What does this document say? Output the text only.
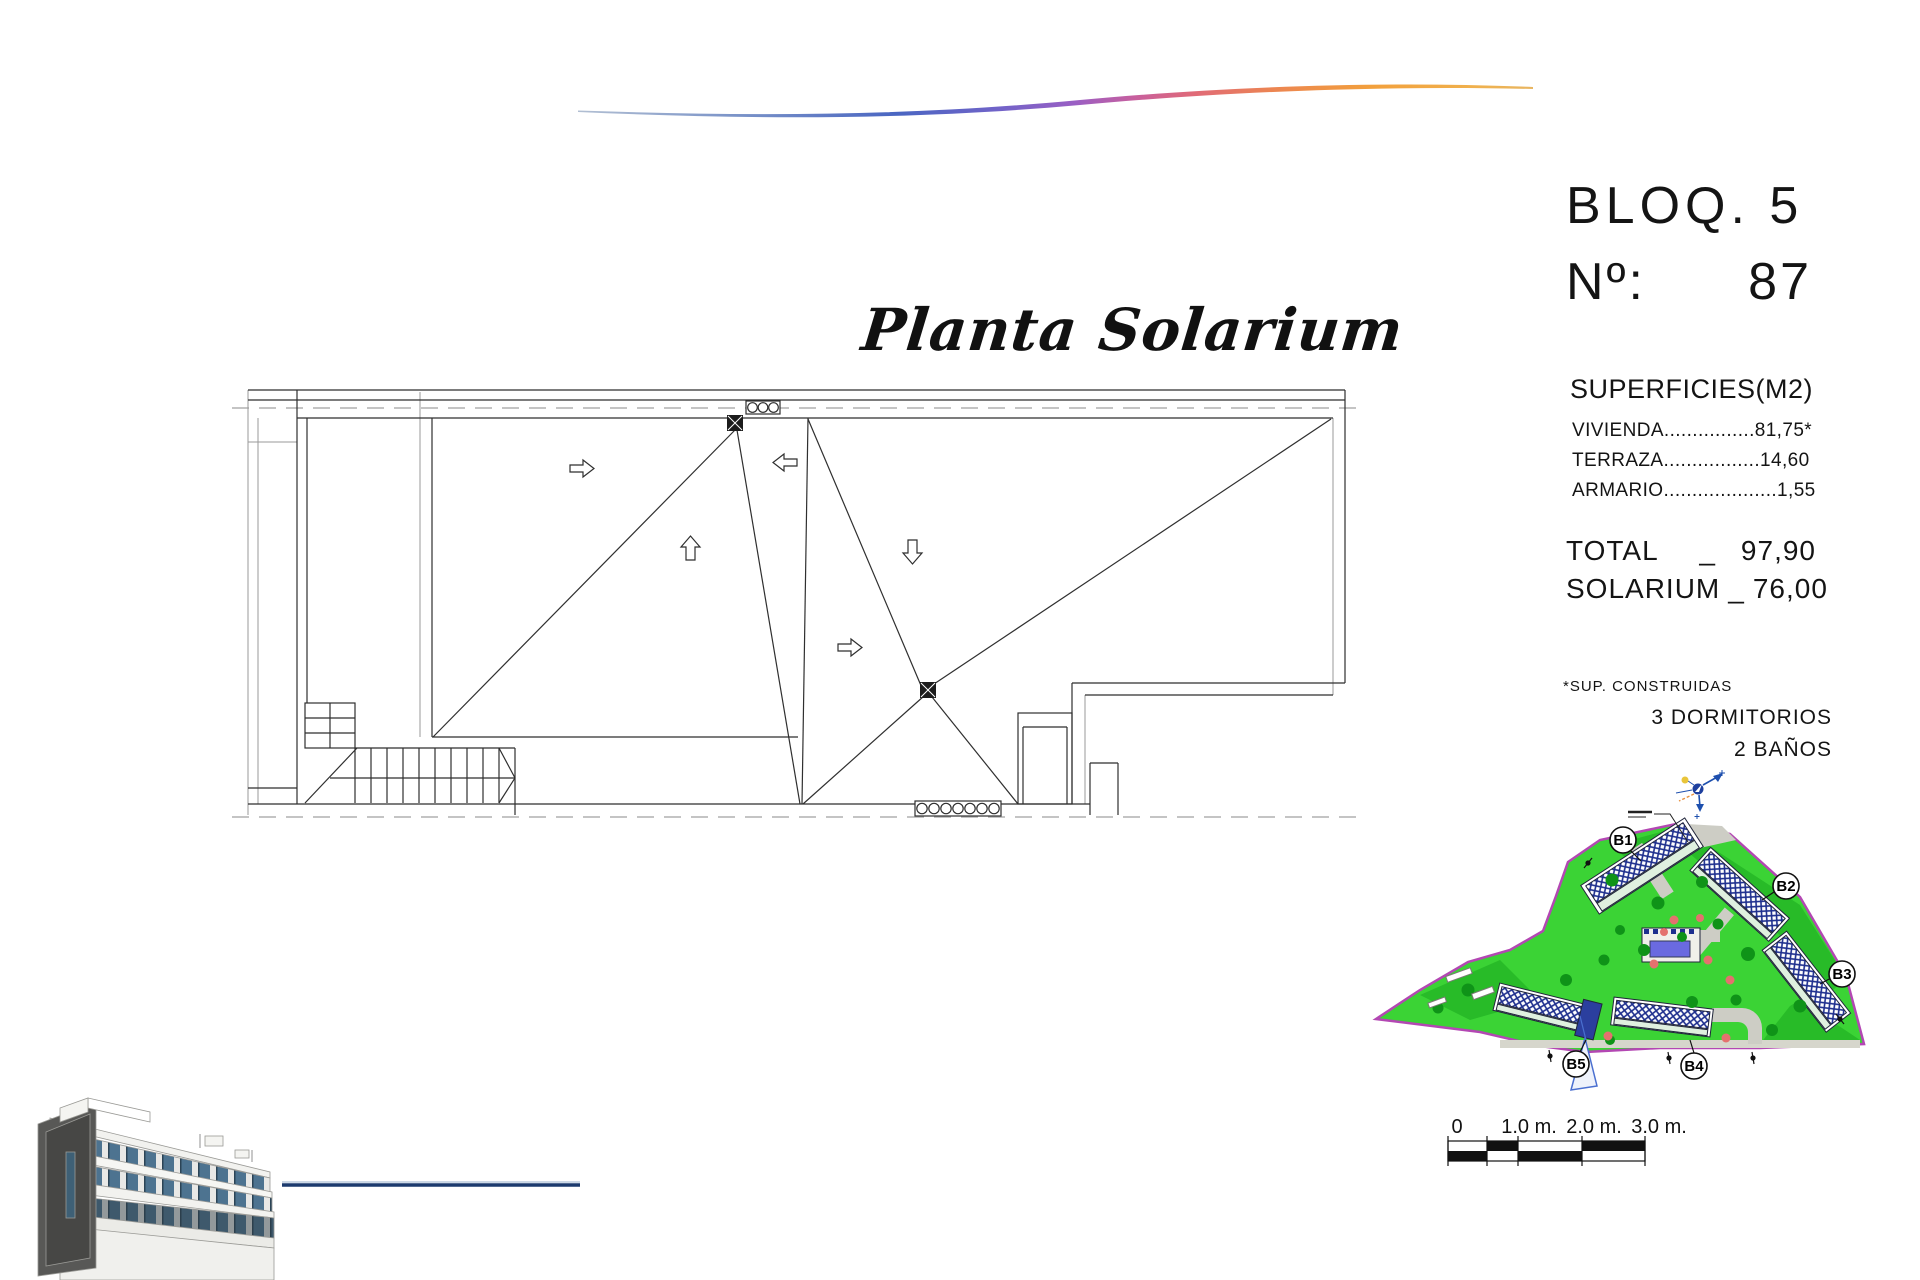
Planta Solarium
BLOQ. 5
Nº: 87
SUPERFICIES(M2)
VIVIENDA................81,75*
TERRAZA.................14,60
ARMARIO....................1,55
TOTAL _ 97,90
SOLARIUM _ 76,00
*SUP. CONSTRUIDAS
3 DORMITORIOS
2 BAÑOS
B1
B2
B3
B4
B5
0 1.0 m. 2.0 m. 3.0 m.
